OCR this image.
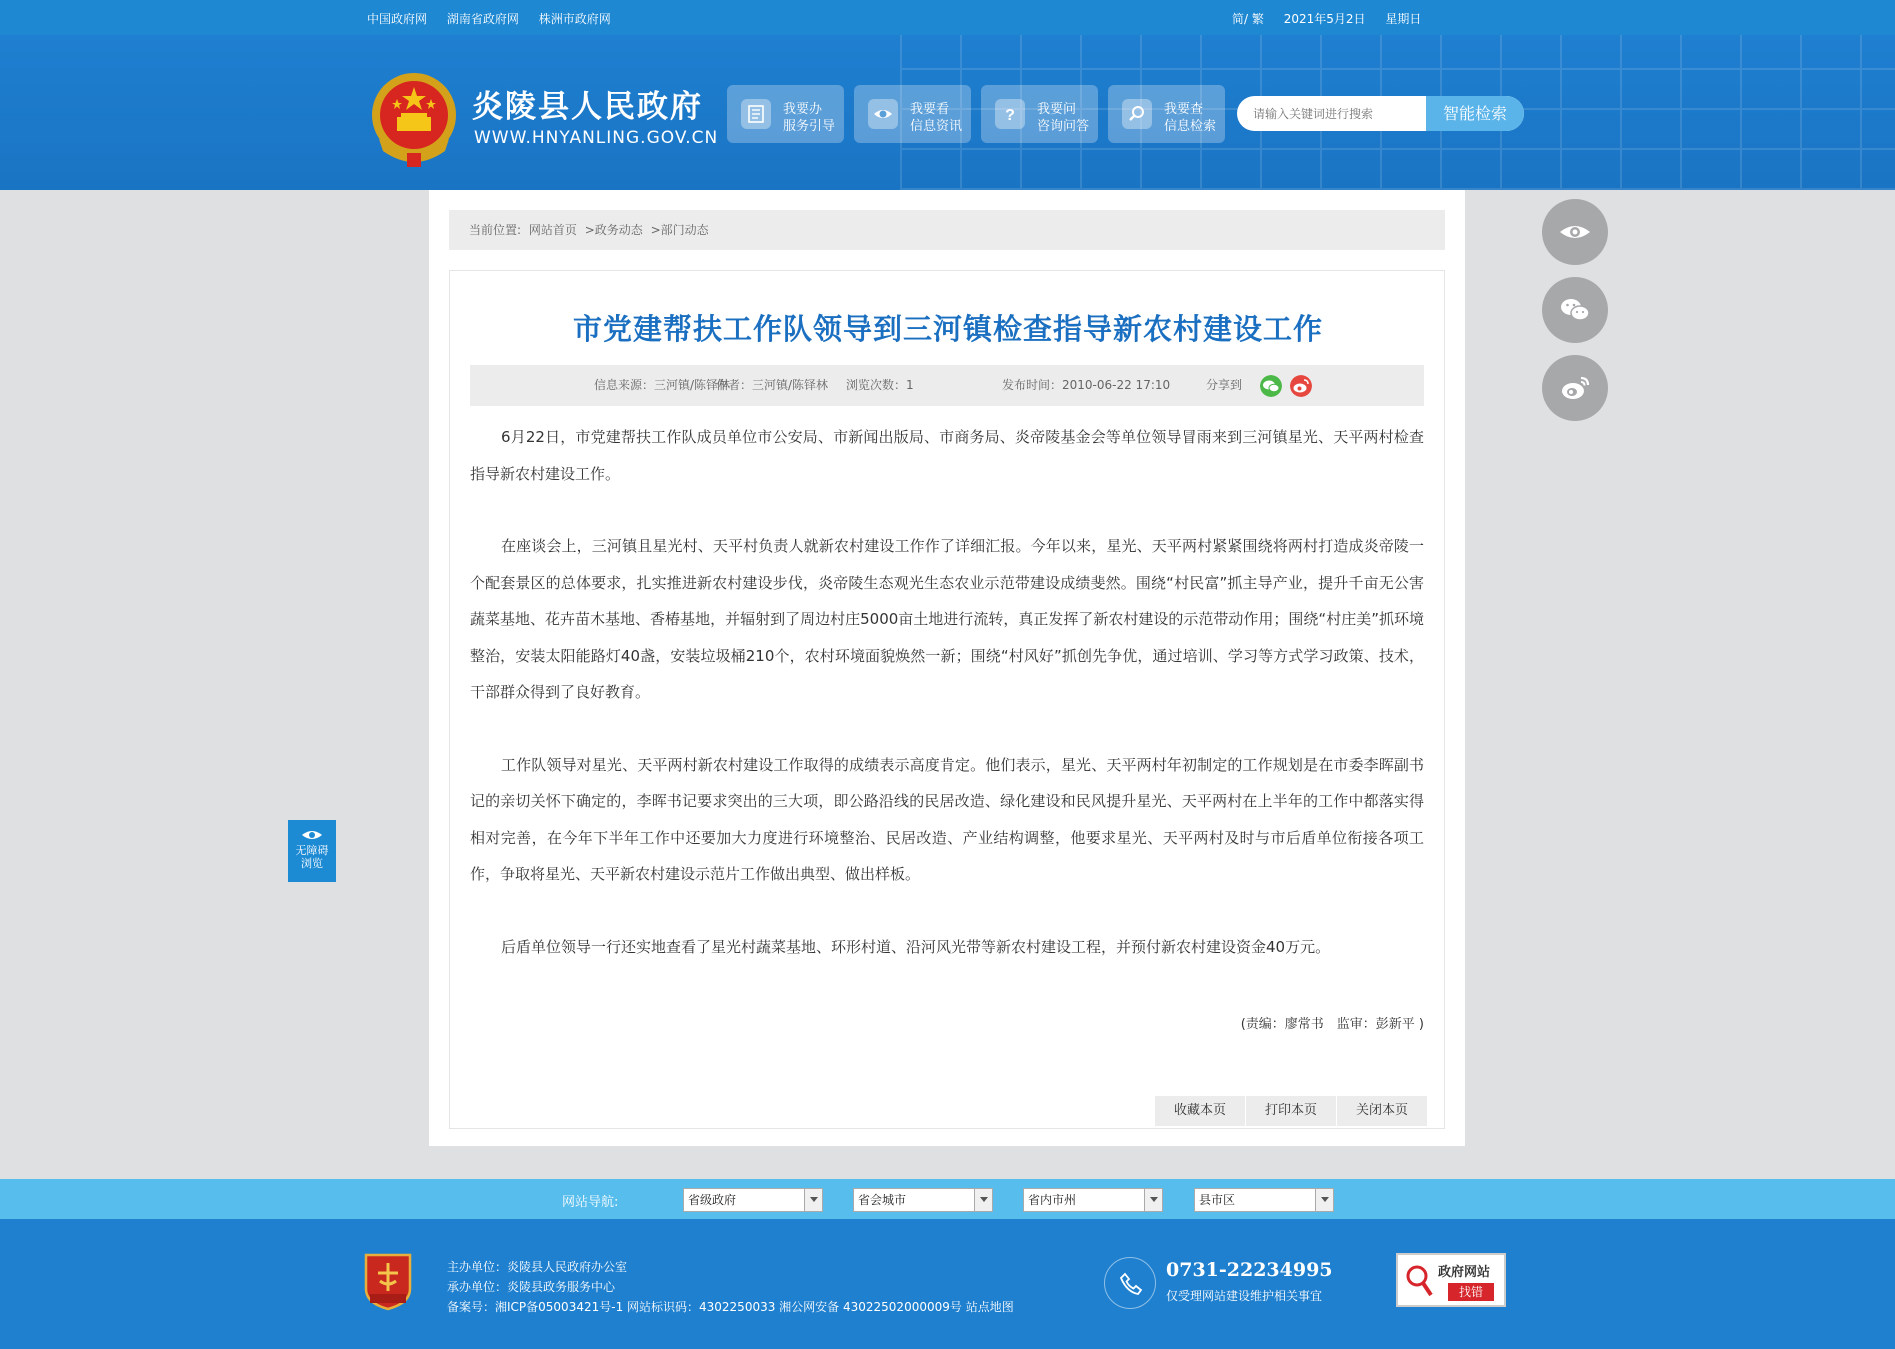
中国政府网 湖南省政府网 株洲市政府网	简/ 繁 2021年5月2日 星期日
炎陵县人民政府
WWW.HNYANLING.GOV.CN
我要办
服务引导
我要看
信息资讯
? 我要问
咨询问答
我要查
信息检索
请输入关键词进行搜索
智能检索
无障碍
浏览
当前位置: 网站首页 >政务动态 >部门动态
市党建帮扶工作队领导到三河镇检查指导新农村建设工作
信息来源：三河镇/陈铎林
作者：三河镇/陈铎林 浏览次数：1	发布时间：2010-06-22 17:10	分享到

6月22日，市党建帮扶工作队成员单位市公安局、市新闻出版局、市商务局、炎帝陵基金会等单位领导冒雨来到三河镇星光、天平两村检查指导新农村建设工作。

在座谈会上，三河镇且星光村、天平村负责人就新农村建设工作作了详细汇报。今年以来，星光、天平两村紧紧围绕将两村打造成炎帝陵一个配套景区的总体要求，扎实推进新农村建设步伐，炎帝陵生态观光生态农业示范带建设成绩斐然。围绕“村民富”抓主导产业，提升千亩无公害蔬菜基地、花卉苗木基地、香椿基地，并辐射到了周边村庄5000亩土地进行流转，真正发挥了新农村建设的示范带动作用；围绕“村庄美”抓环境整治，安装太阳能路灯40盏，安装垃圾桶210个，农村环境面貌焕然一新；围绕“村风好”抓创先争优，通过培训、学习等方式学习政策、技术，干部群众得到了良好教育。

工作队领导对星光、天平两村新农村建设工作取得的成绩表示高度肯定。他们表示，星光、天平两村年初制定的工作规划是在市委李晖副书记的亲切关怀下确定的，李晖书记要求突出的三大项，即公路沿线的民居改造、绿化建设和民风提升星光、天平两村在上半年的工作中都落实得相对完善，在今年下半年工作中还要加大力度进行环境整治、民居改造、产业结构调整，他要求星光、天平两村及时与市后盾单位衔接各项工作，争取将星光、天平新农村建设示范片工作做出典型、做出样板。

后盾单位领导一行还实地查看了星光村蔬菜基地、环形村道、沿河风光带等新农村建设工程，并预付新农村建设资金40万元。

(责编：廖常书　监审：彭新平 )
收藏本页	打印本页	关闭本页
网站导航:	省级政府	省会城市	省内市州	县市区
主办单位：炎陵县人民政府办公室
承办单位：炎陵县政务服务中心
备案号：湘ICP备05003421号-1 网站标识码：4302250033 湘公网安备 43022502000009号 站点地图
0731-22234995
仅受理网站建设维护相关事宜
政府网站
找错
